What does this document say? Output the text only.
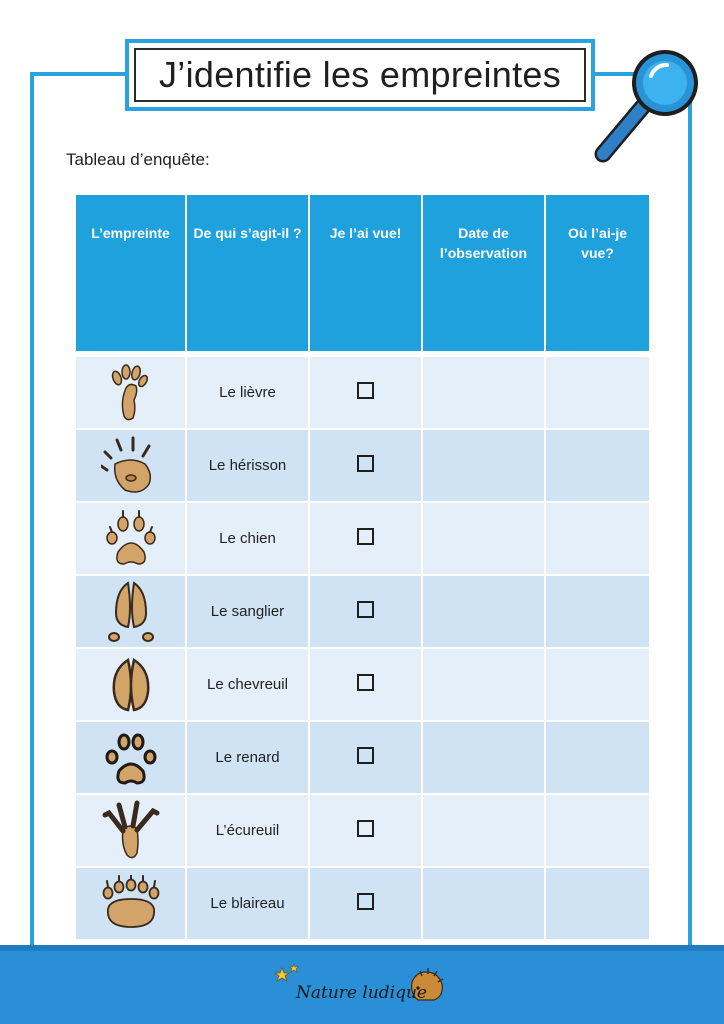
J’identifie les empreintes
Tableau d’enquête:
L’empreinte	De qui s’agit-il ?	Je l’ai vue!	Date de l’observation	Où l’ai-je vue?

	Le lièvre			

	Le hérisson			

	Le chien			

	Le sanglier			

	Le chevreuil			

	Le renard			

	L’écureuil			

	Le blaireau			
Nature ludique
